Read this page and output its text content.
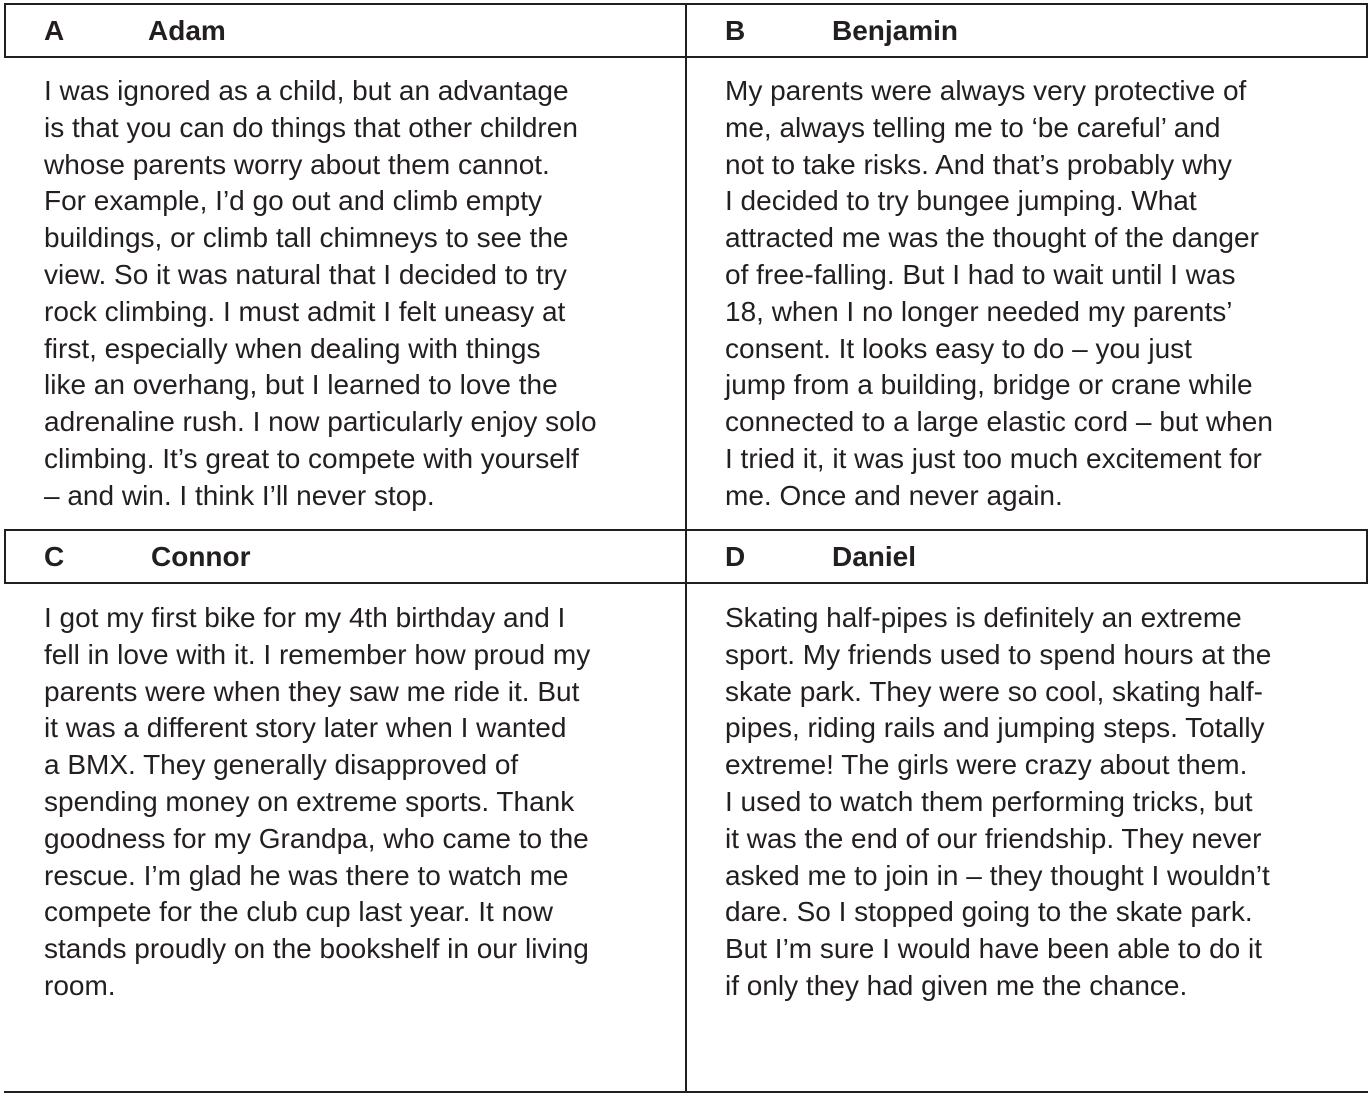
A	Adam	B	Benjamin
C	Connor	D	Daniel
I was ignored as a child, but an advantage
is that you can do things that other children
whose parents worry about them cannot.
For example, I’d go out and climb empty
buildings, or climb tall chimneys to see the
view. So it was natural that I decided to try
rock climbing. I must admit I felt uneasy at
first, especially when dealing with things
like an overhang, but I learned to love the
adrenaline rush. I now particularly enjoy solo
climbing. It’s great to compete with yourself
– and win. I think I’ll never stop.
My parents were always very protective of
me, always telling me to ‘be careful’ and
not to take risks. And that’s probably why
I decided to try bungee jumping. What
attracted me was the thought of the danger
of free-falling. But I had to wait until I was
18, when I no longer needed my parents’
consent. It looks easy to do – you just
jump from a building, bridge or crane while
connected to a large elastic cord – but when
I tried it, it was just too much excitement for
me. Once and never again.
I got my first bike for my 4th birthday and I
fell in love with it. I remember how proud my
parents were when they saw me ride it. But
it was a different story later when I wanted
a BMX. They generally disapproved of
spending money on extreme sports. Thank
goodness for my Grandpa, who came to the
rescue. I’m glad he was there to watch me
compete for the club cup last year. It now
stands proudly on the bookshelf in our living
room.
Skating half-pipes is definitely an extreme
sport. My friends used to spend hours at the
skate park. They were so cool, skating half-
pipes, riding rails and jumping steps. Totally
extreme! The girls were crazy about them.
I used to watch them performing tricks, but
it was the end of our friendship. They never
asked me to join in – they thought I wouldn’t
dare. So I stopped going to the skate park.
But I’m sure I would have been able to do it
if only they had given me the chance.
